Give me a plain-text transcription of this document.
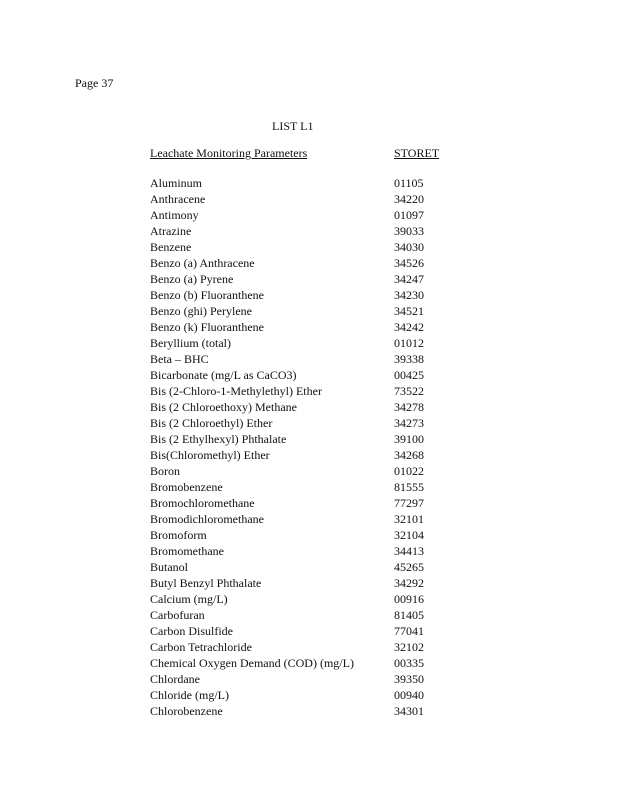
Page 37
LIST L1
Leachate Monitoring Parameters	STORET
Aluminum	01105
Anthracene	34220
Antimony	01097
Atrazine	39033
Benzene	34030
Benzo (a) Anthracene	34526
Benzo (a) Pyrene	34247
Benzo (b) Fluoranthene	34230
Benzo (ghi) Perylene	34521
Benzo (k) Fluoranthene	34242
Beryllium (total)	01012
Beta – BHC	39338
Bicarbonate (mg/L as CaCO3)	00425
Bis (2-Chloro-1-Methylethyl) Ether	73522
Bis (2 Chloroethoxy) Methane	34278
Bis (2 Chloroethyl) Ether	34273
Bis (2 Ethylhexyl) Phthalate	39100
Bis(Chloromethyl) Ether	34268
Boron	01022
Bromobenzene	81555
Bromochloromethane	77297
Bromodichloromethane	32101
Bromoform	32104
Bromomethane	34413
Butanol	45265
Butyl Benzyl Phthalate	34292
Calcium (mg/L)	00916
Carbofuran	81405
Carbon Disulfide	77041
Carbon Tetrachloride	32102
Chemical Oxygen Demand (COD) (mg/L)	00335
Chlordane	39350
Chloride (mg/L)	00940
Chlorobenzene	34301
